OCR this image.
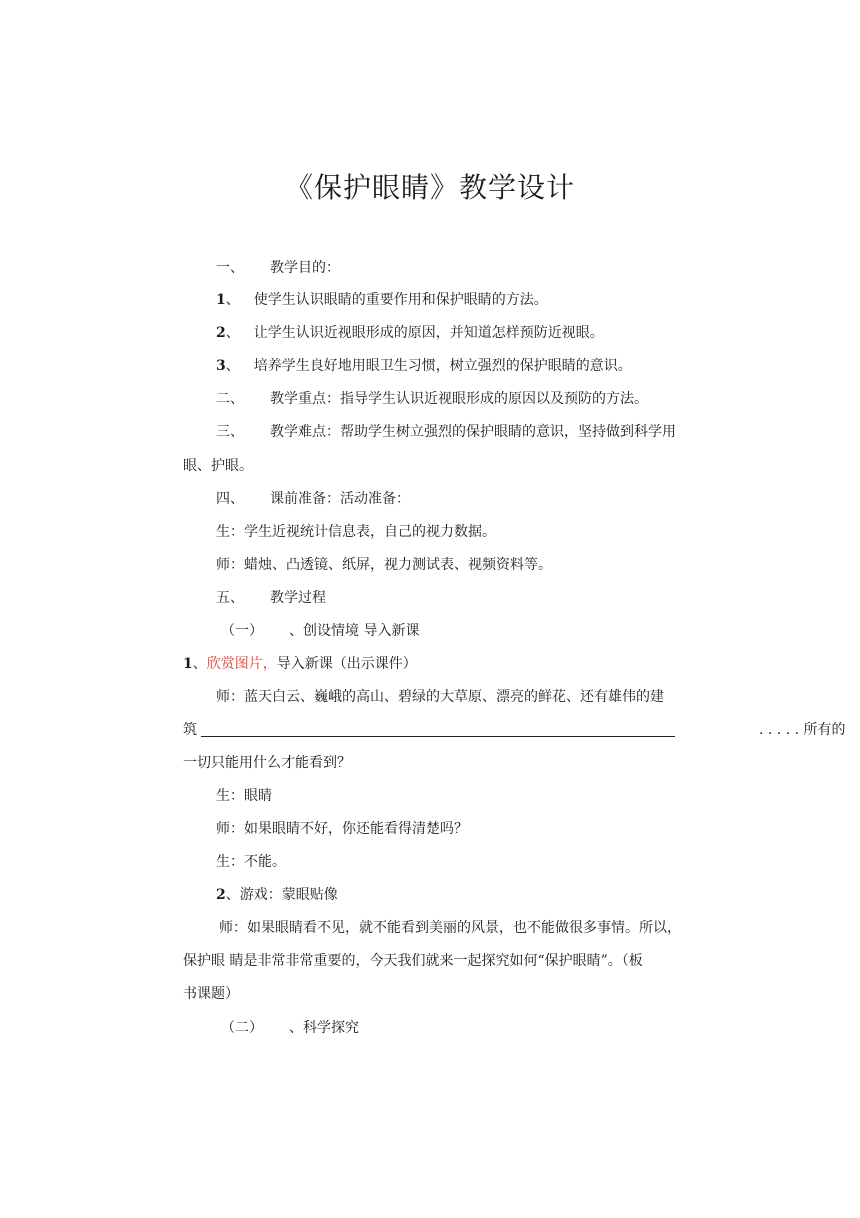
《保护眼睛》教学设计
一、 教学目的：
1、 使学生认识眼睛的重要作用和保护眼睛的方法。
2、 让学生认识近视眼形成的原因，并知道怎样预防近视眼。
3、 培养学生良好地用眼卫生习惯，树立强烈的保护眼睛的意识。
二、 教学重点：指导学生认识近视眼形成的原因以及预防的方法。
三、 教学难点：帮助学生树立强烈的保护眼睛的意识，坚持做到科学用
眼、护眼。
四、 课前准备：活动准备：
生：学生近视统计信息表，自己的视力数据。
师：蜡烛、凸透镜、纸屏，视力测试表、视频资料等。
五、 教学过程
（一） 、创设情境 导入新课
1、欣赏图片，导入新课（出示课件）
师：蓝天白云、巍峨的高山、碧绿的大草原、漂亮的鲜花、还有雄伟的建
筑	. . . . . 所有的
一切只能用什么才能看到？
生：眼睛
师：如果眼睛不好，你还能看得清楚吗？
生：不能。
2、游戏：蒙眼贴像
师：如果眼睛看不见，就不能看到美丽的风景，也不能做很多事情。所以，
保护眼 睛是非常非常重要的，今天我们就来一起探究如何“保护眼睛”。（板
书课题）
（二） 、科学探究
